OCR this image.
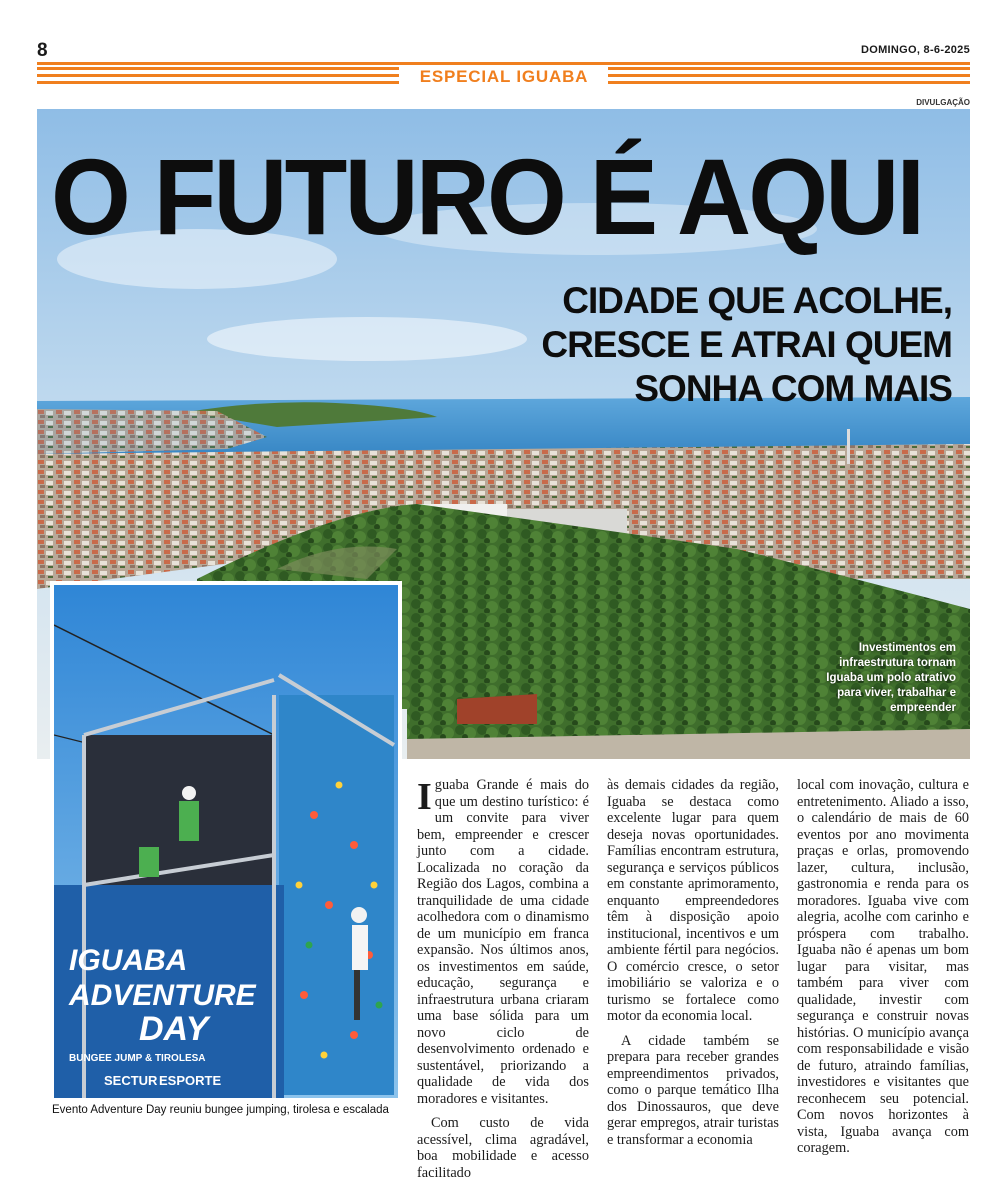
8	DOMINGO, 8-6-2025
ESPECIAL IGUABA
DIVULGAÇÃO
O FUTURO É AQUI
CIDADE QUE ACOLHE,
CRESCE E ATRAI QUEM
SONHA COM MAIS
Investimentos em infraestrutura tornam Iguaba um polo atrativo para viver, trabalhar e empreender
IGUABA
ADVENTURE
DAY
BUNGEE JUMP & TIROLESA
SECTUR ESPORTE
Evento Adventure Day reuniu bungee jumping, tirolesa e escalada

Iguaba Grande é mais do que um destino turístico: é um convite para viver bem, empreender e crescer junto com a cidade. Localizada no coração da Região dos Lagos, combina a tranquilidade de uma cidade acolhedora com o dinamismo de um município em franca expansão. Nos últimos anos, os investimentos em saúde, educação, segurança e infraestrutura urbana criaram uma base sólida para um novo ciclo de desenvolvimento ordenado e sustentável, priorizando a qualidade de vida dos moradores e visitantes.

Com custo de vida acessível, clima agradável, boa mobilidade e acesso facilitado

às demais cidades da região, Iguaba se destaca como excelente lugar para quem deseja novas oportunidades. Famílias encontram estrutura, segurança e serviços públicos em constante aprimoramento, enquanto empreendedores têm à disposição apoio institucional, incentivos e um ambiente fértil para negócios. O comércio cresce, o setor imobiliário se valoriza e o turismo se fortalece como motor da economia local.

A cidade também se prepara para receber grandes empreendimentos privados, como o parque temático Ilha dos Dinossauros, que deve gerar empregos, atrair turistas e transformar a economia

local com inovação, cultura e entretenimento. Aliado a isso, o calendário de mais de 60 eventos por ano movimenta praças e orlas, promovendo lazer, cultura, inclusão, gastronomia e renda para os moradores. Iguaba vive com alegria, acolhe com carinho e próspera com trabalho. Iguaba não é apenas um bom lugar para visitar, mas também para viver com qualidade, investir com segurança e construir novas histórias. O município avança com responsabilidade e visão de futuro, atraindo famílias, investidores e visitantes que reconhecem seu potencial. Com novos horizontes à vista, Iguaba avança com coragem.
